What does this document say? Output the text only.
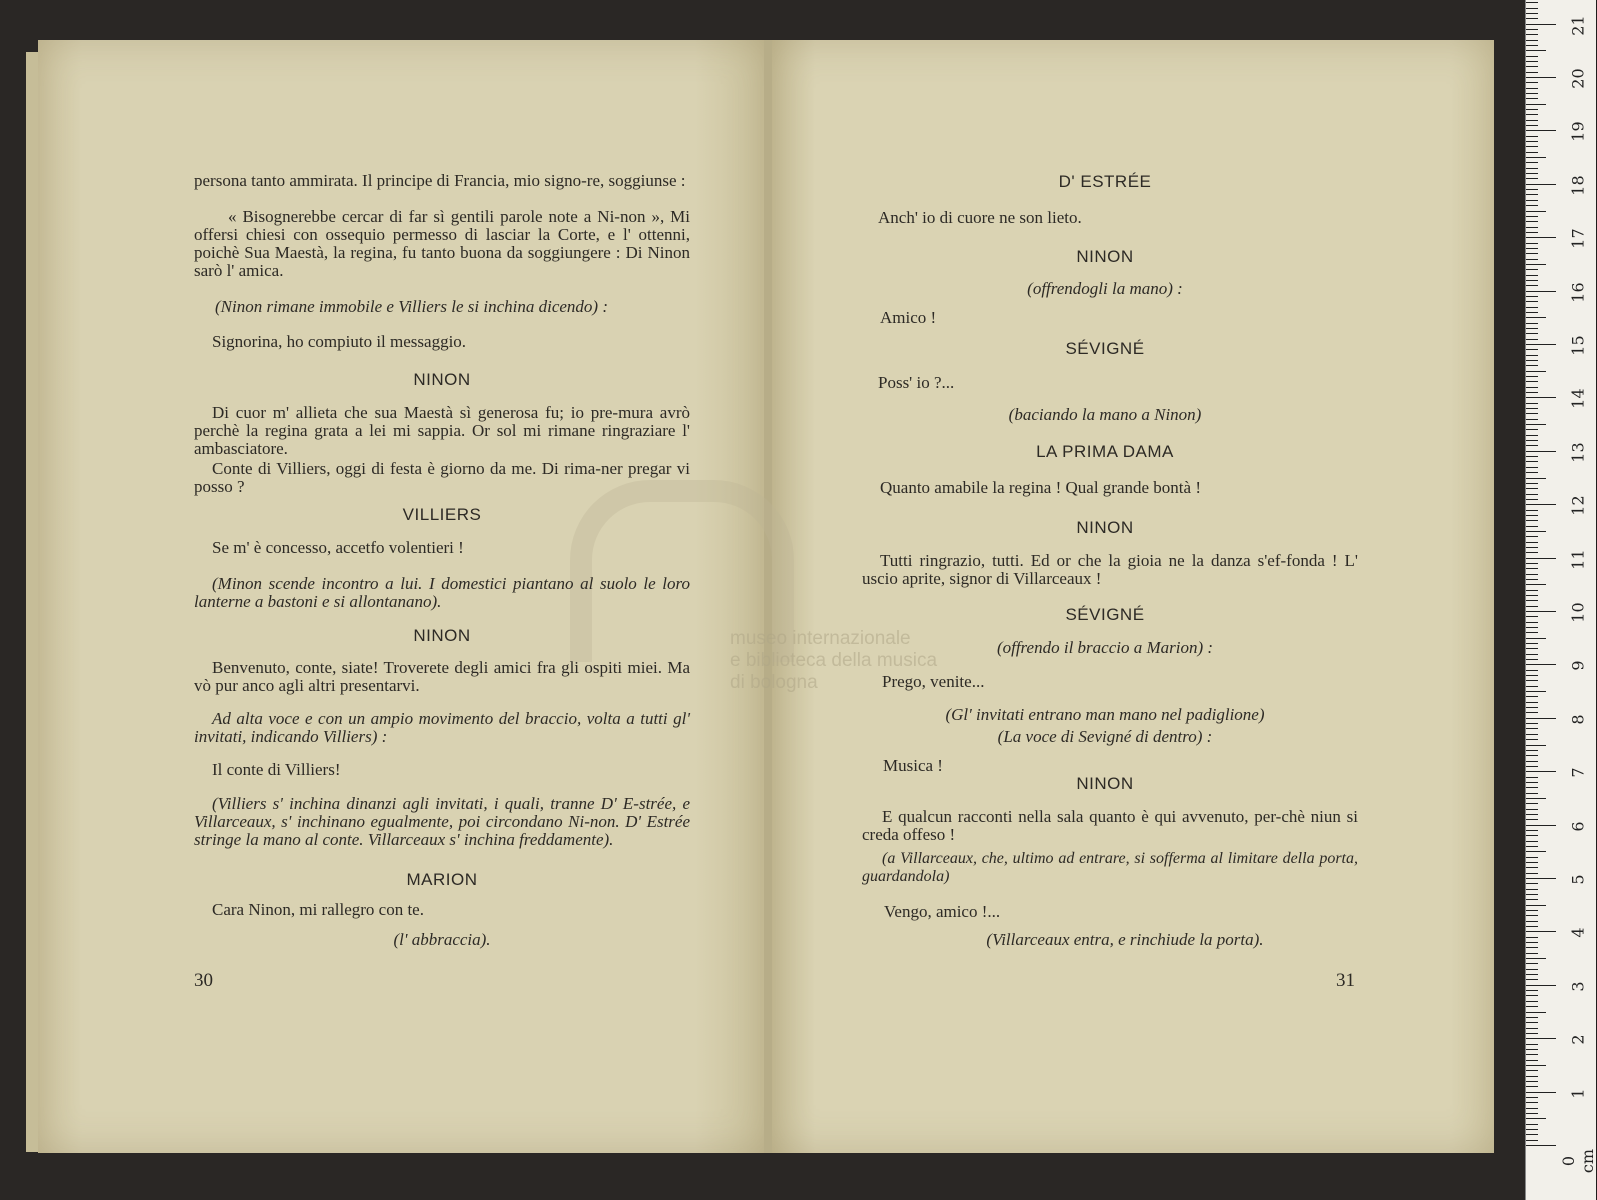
museo internazionale
e biblioteca della musica
di bologna
persona tanto ammirata. Il principe di Francia, mio signo-re, soggiunse :
« Bisognerebbe cercar di far sì gentili parole note a Ni-non », Mi offersi chiesi con ossequio permesso di lasciar la Corte, e l' ottenni, poichè Sua Maestà, la regina, fu tanto buona da soggiungere : Di Ninon sarò l' amica.
(Ninon rimane immobile e Villiers le si inchina dicendo) :
Signorina, ho compiuto il messaggio.
NINON
Di cuor m' allieta che sua Maestà sì generosa fu; io pre-mura avrò perchè la regina grata a lei mi sappia. Or sol mi rimane ringraziare l' ambasciatore.
Conte di Villiers, oggi di festa è giorno da me. Di rima-ner pregar vi posso ?
VILLIERS
Se m' è concesso, accetfo volentieri !
(Minon scende incontro a lui. I domestici piantano al suolo le loro lanterne a bastoni e si allontanano).
NINON
Benvenuto, conte, siate! Troverete degli amici fra gli ospiti miei. Ma vò pur anco agli altri presentarvi.
Ad alta voce e con un ampio movimento del braccio, volta a tutti gl' invitati, indicando Villiers) :
Il conte di Villiers!
(Villiers s' inchina dinanzi agli invitati, i quali, tranne D' E-strée, e Villarceaux, s' inchinano egualmente, poi circondano Ni-non. D' Estrée stringe la mano al conte. Villarceaux s' inchina freddamente).
MARION
Cara Ninon, mi rallegro con te.
(l' abbraccia).
30
D' ESTRÉE
Anch' io di cuore ne son lieto.
NINON
(offrendogli la mano) :
Amico !
SÉVIGNÉ
Poss' io ?...
(baciando la mano a Ninon)
LA PRIMA DAMA
Quanto amabile la regina ! Qual grande bontà !
NINON
Tutti ringrazio, tutti. Ed or che la gioia ne la danza s'ef-fonda ! L' uscio aprite, signor di Villarceaux !
SÉVIGNÉ
(offrendo il braccio a Marion) :
Prego, venite...
(Gl' invitati entrano man mano nel padiglione)
(La voce di Sevigné di dentro) :
Musica !
NINON
E qualcun racconti nella sala quanto è qui avvenuto, per-chè niun si creda offeso !
(a Villarceaux, che, ultimo ad entrare, si sofferma al limitare della porta, guardandola)
Vengo, amico !...
(Villarceaux entra, e rinchiude la porta).
31
0 cm
1
2
3
4
5
6
7
8
9
10
11
12
13
14
15
16
17
18
19
20
21
